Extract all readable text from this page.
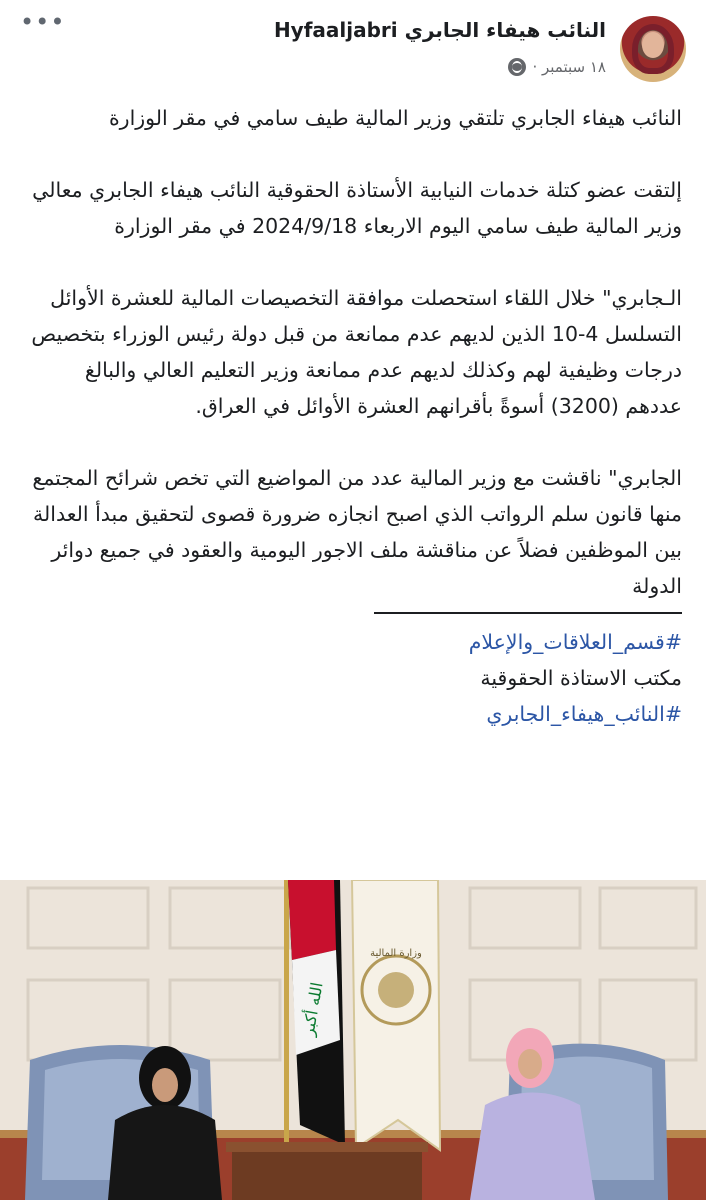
•••	النائب هيفاء الجابري Hyfaaljabri
١٨ سبتمبر ·

النائب هيفاء الجابري تلتقي وزير المالية طيف سامي في مقر الوزارة

إلتقت عضو كتلة خدمات النيابية الأستاذة الحقوقية النائب هيفاء الجابري معالي وزير المالية طيف سامي اليوم الاربعاء 2024/9/18 في مقر الوزارة

الـجابري" خلال اللقاء استحصلت موافقة التخصيصات المالية للعشرة الأوائل التسلسل 4-10 الذين لديهم عدم ممانعة من قبل دولة رئيس الوزراء بتخصيص درجات وظيفية لهم وكذلك لديهم عدم ممانعة وزير التعليم العالي والبالغ عددهم (3200) أسوةً بأقرانهم العشرة الأوائل في العراق.

الجابري" ناقشت مع وزير المالية عدد من المواضيع التي تخص شرائح المجتمع منها قانون سلم الرواتب الذي اصبح انجازه ضرورة قصوى لتحقيق مبدأ العدالة بين الموظفين فضلاً عن مناقشة ملف الاجور اليومية والعقود في جميع دوائر الدولة

#قسم_العلاقات_والإعلام

مكتب الاستاذة الحقوقية

#النائب_هيفاء_الجابري

الله أكبر
وزارة المالية
